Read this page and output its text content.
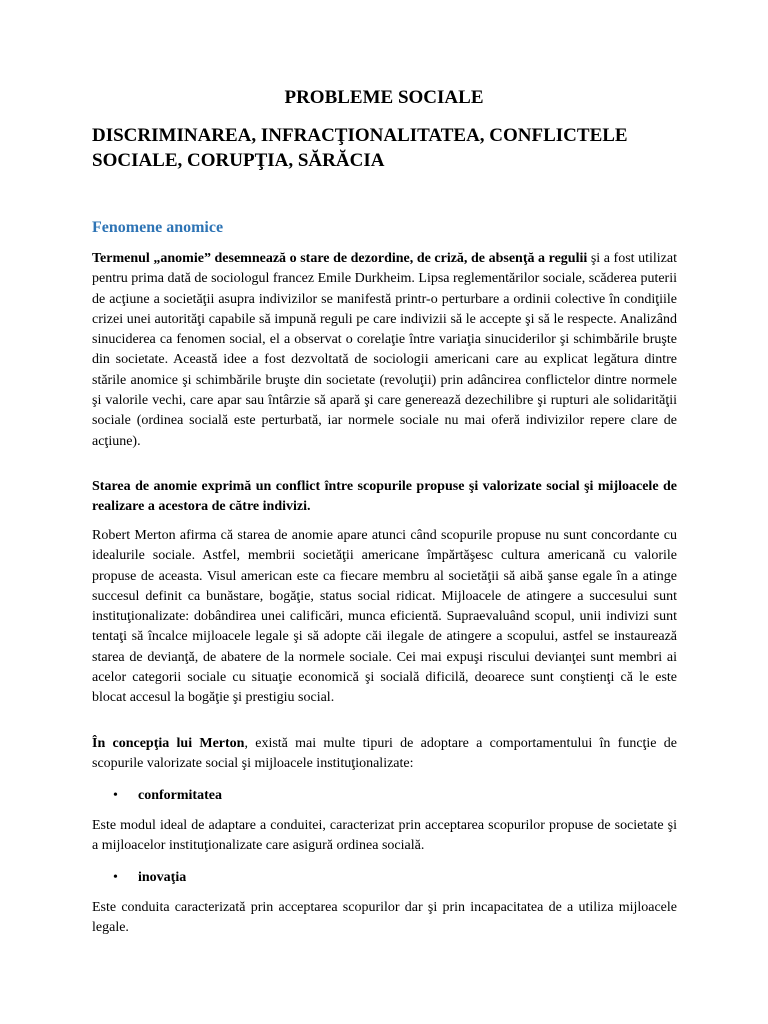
PROBLEME SOCIALE
DISCRIMINAREA, INFRACŢIONALITATEA, CONFLICTELE SOCIALE, CORUPŢIA, SĂRĂCIA
Fenomene anomice

Termenul „anomie” desemnează o stare de dezordine, de criză, de absenţă a regulii şi a fost utilizat pentru prima dată de sociologul francez Emile Durkheim. Lipsa reglementărilor sociale, scăderea puterii de acţiune a societăţii asupra indivizilor se manifestă printr-o perturbare a ordinii colective în condiţiile crizei unei autorităţi capabile să impună reguli pe care indivizii să le accepte şi să le respecte. Analizând sinuciderea ca fenomen social, el a observat o corelaţie între variaţia sinuciderilor şi schimbările bruşte din societate. Această idee a fost dezvoltată de sociologii americani care au explicat legătura dintre stările anomice şi schimbările bruşte din societate (revoluţii) prin adâncirea conflictelor dintre normele şi valorile vechi, care apar sau întârzie să apară şi care generează dezechilibre şi rupturi ale solidarităţii sociale (ordinea socială este perturbată, iar normele sociale nu mai oferă indivizilor repere clare de acţiune).

Starea de anomie exprimă un conflict între scopurile propuse şi valorizate social şi mijloacele de realizare a acestora de către indivizi.

Robert Merton afirma că starea de anomie apare atunci când scopurile propuse nu sunt concordante cu idealurile sociale. Astfel, membrii societăţii americane împărtăşesc cultura americană cu valorile propuse de aceasta. Visul american este ca fiecare membru al societăţii să aibă şanse egale în a atinge succesul definit ca bunăstare, bogăţie, status social ridicat. Mijloacele de atingere a succesului sunt instituţionalizate: dobândirea unei calificări, munca eficientă. Supraevaluând scopul, unii indivizi sunt tentaţi să încalce mijloacele legale şi să adopte căi ilegale de atingere a scopului, astfel se instaurează starea de devianţă, de abatere de la normele sociale. Cei mai expuşi riscului devianţei sunt membri ai acelor categorii sociale cu situaţie economică şi socială dificilă, deoarece sunt conştienţi că le este blocat accesul la bogăţie şi prestigiu social.

În concepţia lui Merton, există mai multe tipuri de adoptare a comportamentului în funcţie de scopurile valorizate social şi mijloacele instituţionalizate:

• conformitatea

Este modul ideal de adaptare a conduitei, caracterizat prin acceptarea scopurilor propuse de societate şi a mijloacelor instituţionalizate care asigură ordinea socială.

• inovaţia

Este conduita caracterizată prin acceptarea scopurilor dar şi prin incapacitatea de a utiliza mijloacele legale.
